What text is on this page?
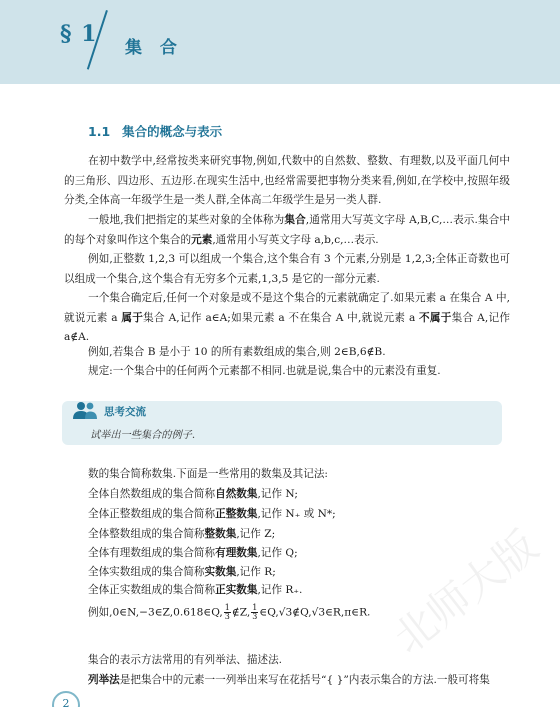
§ 1
集 合
1.1 集合的概念与表示

在初中数学中,经常按类来研究事物,例如,代数中的自然数、整数、有理数,以及平面几何中的三角形、四边形、五边形.在现实生活中,也经常需要把事物分类来看,例如,在学校中,按照年级分类,全体高一年级学生是一类人群,全体高二年级学生是另一类人群.

一般地,我们把指定的某些对象的全体称为集合,通常用大写英文字母 A,B,C,…表示.集合中的每个对象叫作这个集合的元素,通常用小写英文字母 a,b,c,…表示.

例如,正整数 1,2,3 可以组成一个集合,这个集合有 3 个元素,分别是 1,2,3;全体正奇数也可以组成一个集合,这个集合有无穷多个元素,1,3,5 是它的一部分元素.

一个集合确定后,任何一个对象是或不是这个集合的元素就确定了.如果元素 a 在集合 A 中,就说元素 a 属于集合 A,记作 a∈A;如果元素 a 不在集合 A 中,就说元素 a 不属于集合 A,记作 a∉A.

例如,若集合 B 是小于 10 的所有素数组成的集合,则 2∈B,6∉B.

规定:一个集合中的任何两个元素都不相同.也就是说,集合中的元素没有重复.

思考交流
试举出一些集合的例子.
数的集合简称数集.下面是一些常用的数集及其记法:
全体自然数组成的集合简称自然数集,记作 N;
全体正整数组成的集合简称正整数集,记作 N₊ 或 N*;
全体整数组成的集合简称整数集,记作 Z;
全体有理数组成的集合简称有理数集,记作 Q;
全体实数组成的集合简称实数集,记作 R;
全体正实数组成的集合简称正实数集,记作 R₊.
例如,0∈N,−3∈Z,0.618∈Q, $\frac{1}{3}$ ∉Z, $\frac{1}{3}$ ∈Q,√3∉Q,√3∈R,π∈R.
集合的表示方法常用的有列举法、描述法.
列举法是把集合中的元素一一列举出来写在花括号“{ }”内表示集合的方法.一般可将集
2
北师大版
